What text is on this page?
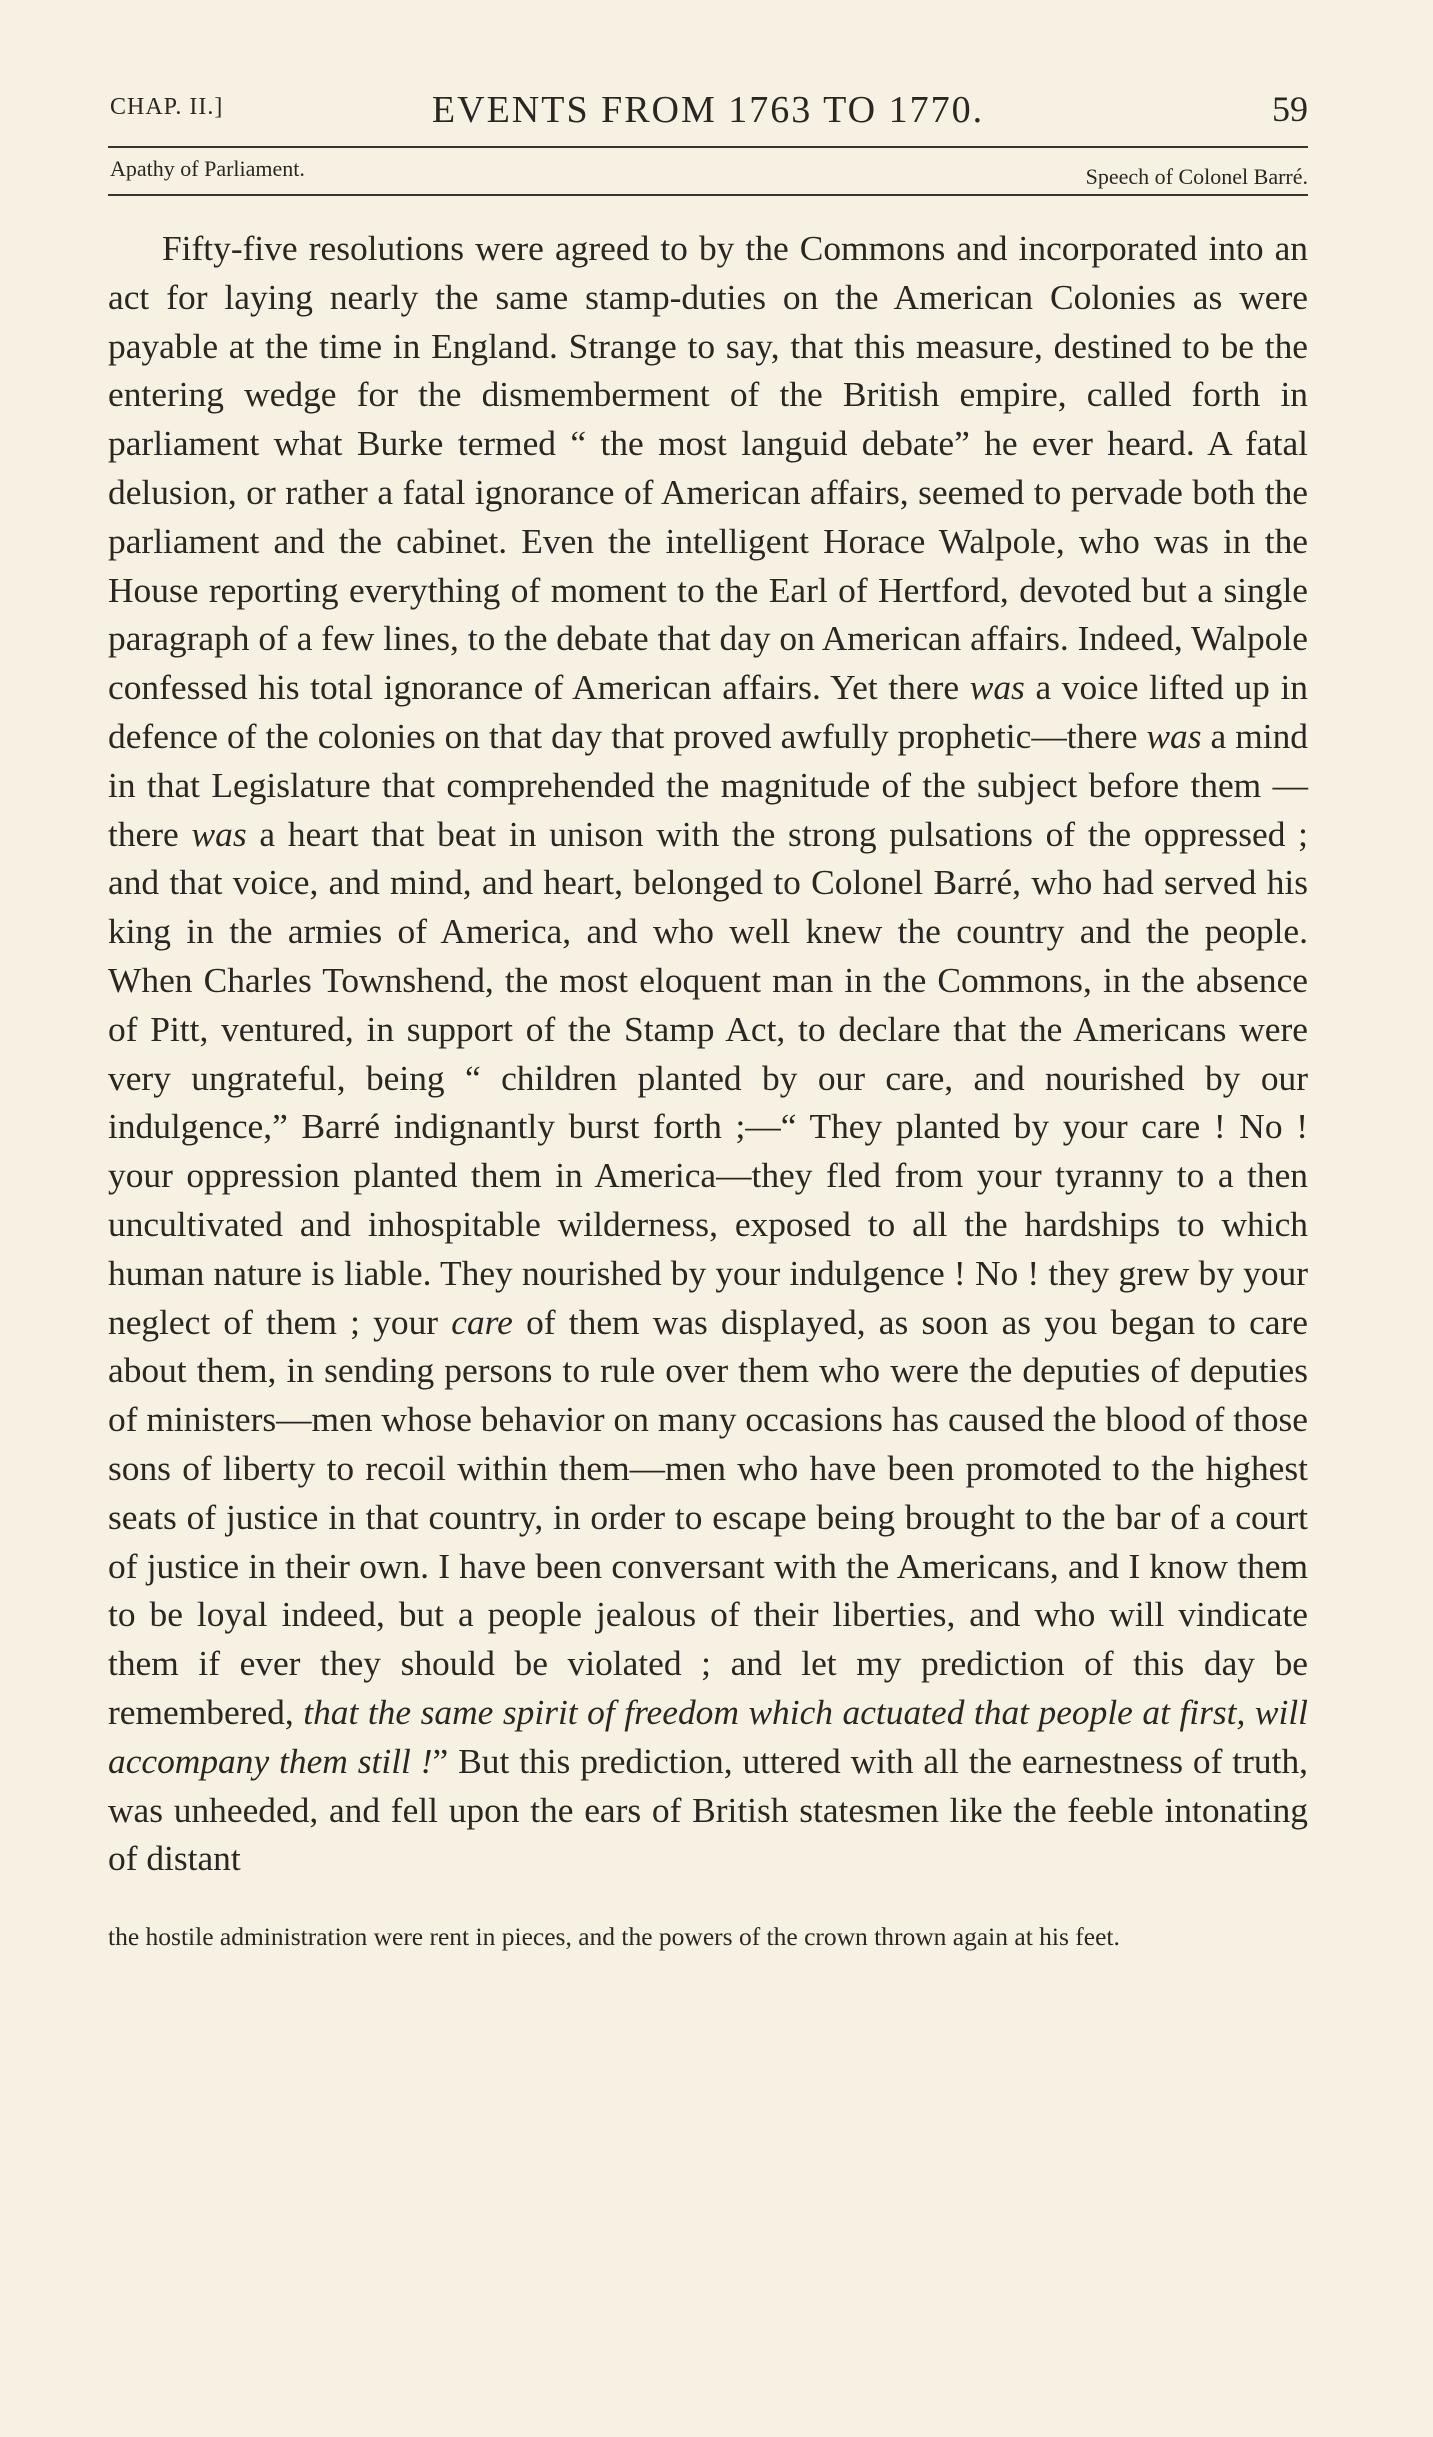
CHAP. II.]	EVENTS FROM 1763 TO 1770.	59
Apathy of Parliament.	Speech of Colonel Barré.

Fifty-five resolutions were agreed to by the Commons and incorporated into an act for laying nearly the same stamp-duties on the American Colonies as were payable at the time in England. Strange to say, that this measure, destined to be the entering wedge for the dismemberment of the British empire, called forth in parliament what Burke termed “ the most languid debate” he ever heard. A fatal delusion, or rather a fatal ignorance of American affairs, seemed to pervade both the parliament and the cabinet. Even the intelligent Horace Walpole, who was in the House reporting everything of moment to the Earl of Hertford, devoted but a single paragraph of a few lines, to the debate that day on American affairs. Indeed, Walpole confessed his total ignorance of American affairs. Yet there was a voice lifted up in defence of the colonies on that day that proved awfully prophetic—there was a mind in that Legislature that comprehended the magnitude of the subject before them —there was a heart that beat in unison with the strong pulsations of the oppressed ; and that voice, and mind, and heart, belonged to Colonel Barré, who had served his king in the armies of America, and who well knew the country and the people. When Charles Townshend, the most eloquent man in the Commons, in the absence of Pitt, ventured, in support of the Stamp Act, to declare that the Americans were very ungrateful, being “ children planted by our care, and nourished by our indulgence,” Barré indignantly burst forth ;—“ They planted by your care ! No ! your oppression planted them in America—they fled from your tyranny to a then uncultivated and inhospitable wilderness, exposed to all the hardships to which human nature is liable. They nourished by your indulgence ! No ! they grew by your neglect of them ; your care of them was displayed, as soon as you began to care about them, in sending persons to rule over them who were the deputies of deputies of ministers—men whose behavior on many occasions has caused the blood of those sons of liberty to recoil within them—men who have been promoted to the highest seats of justice in that country, in order to escape being brought to the bar of a court of justice in their own. I have been conversant with the Americans, and I know them to be loyal indeed, but a people jealous of their liberties, and who will vindicate them if ever they should be violated ; and let my prediction of this day be remembered, that the same spirit of freedom which actuated that people at first, will accompany them still !” But this prediction, uttered with all the earnestness of truth, was unheeded, and fell upon the ears of British statesmen like the feeble intonating of distant

the hostile administration were rent in pieces, and the powers of the crown thrown again at his feet.
